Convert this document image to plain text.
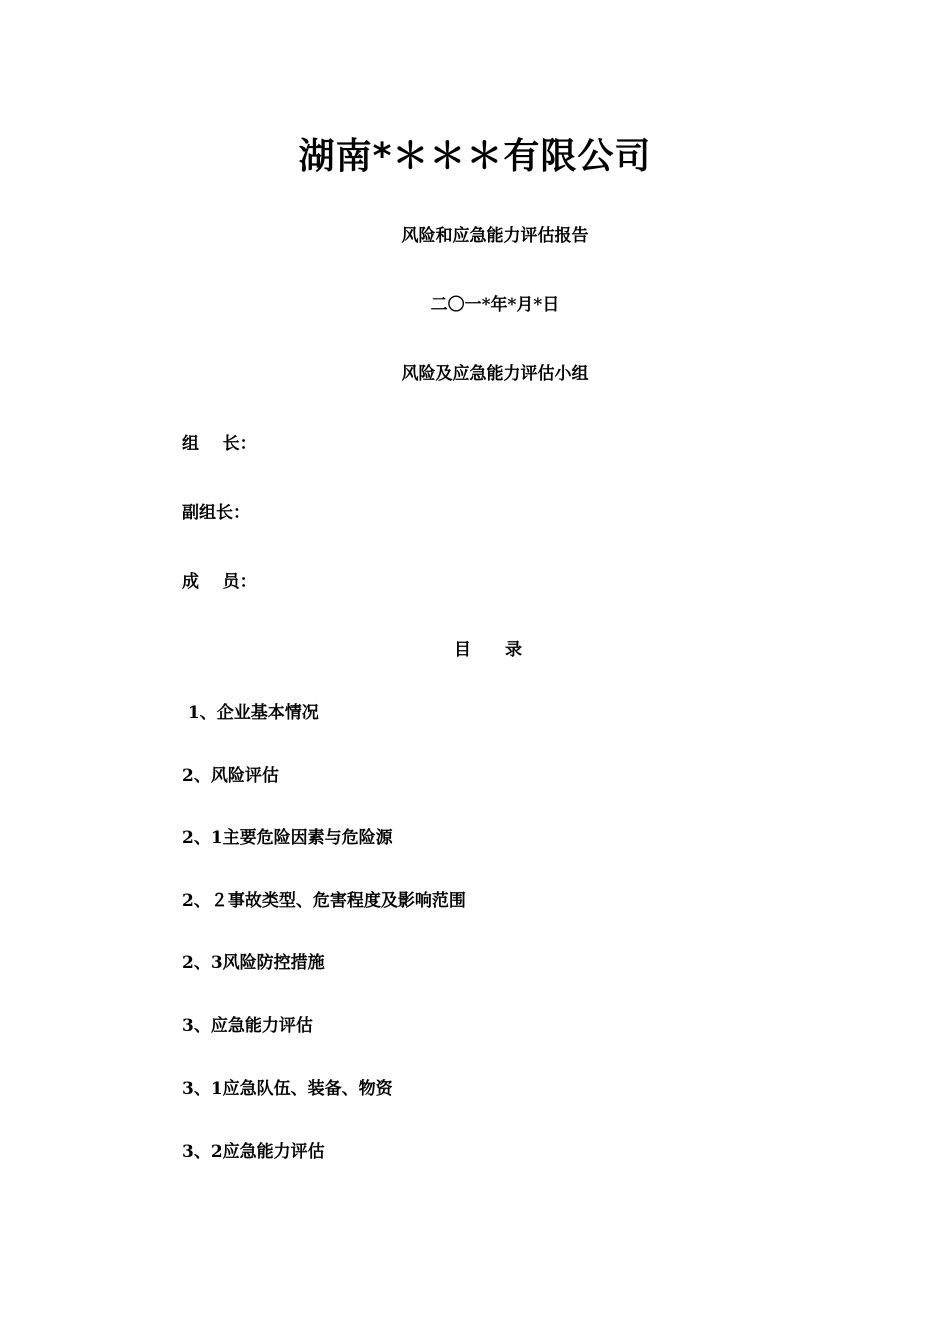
湖南*＊＊＊有限公司
风险和应急能力评估报告
二〇一*年*月*日
风险及应急能力评估小组
组    长：
副组长：
成    员：
目 录
1、企业基本情况
2、风险评估
2、1主要危险因素与危险源
2、２事故类型、危害程度及影响范围
2、3风险防控措施
3、应急能力评估
3、1应急队伍、装备、物资
3、2应急能力评估
